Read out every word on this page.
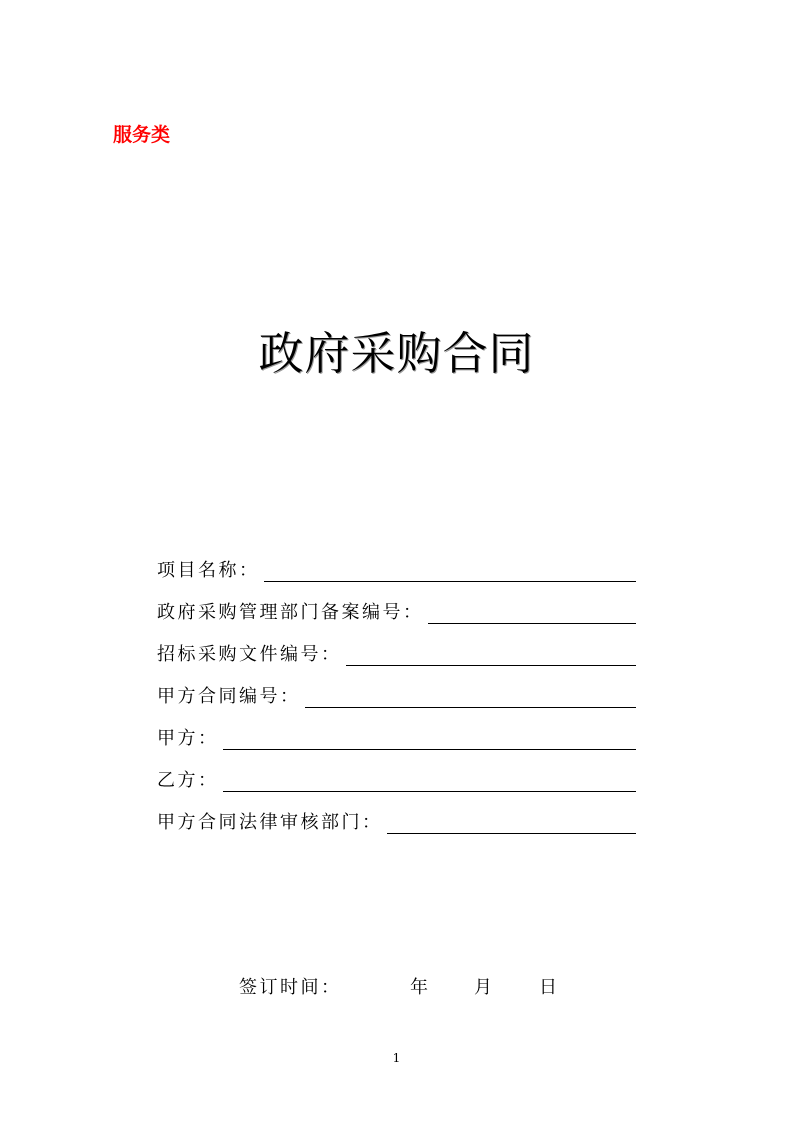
服务类
政府采购合同
项目名称：
政府采购管理部门备案编号：
招标采购文件编号：
甲方合同编号：
甲方：
乙方：
甲方合同法律审核部门：
签订时间：	年 月 日
1
